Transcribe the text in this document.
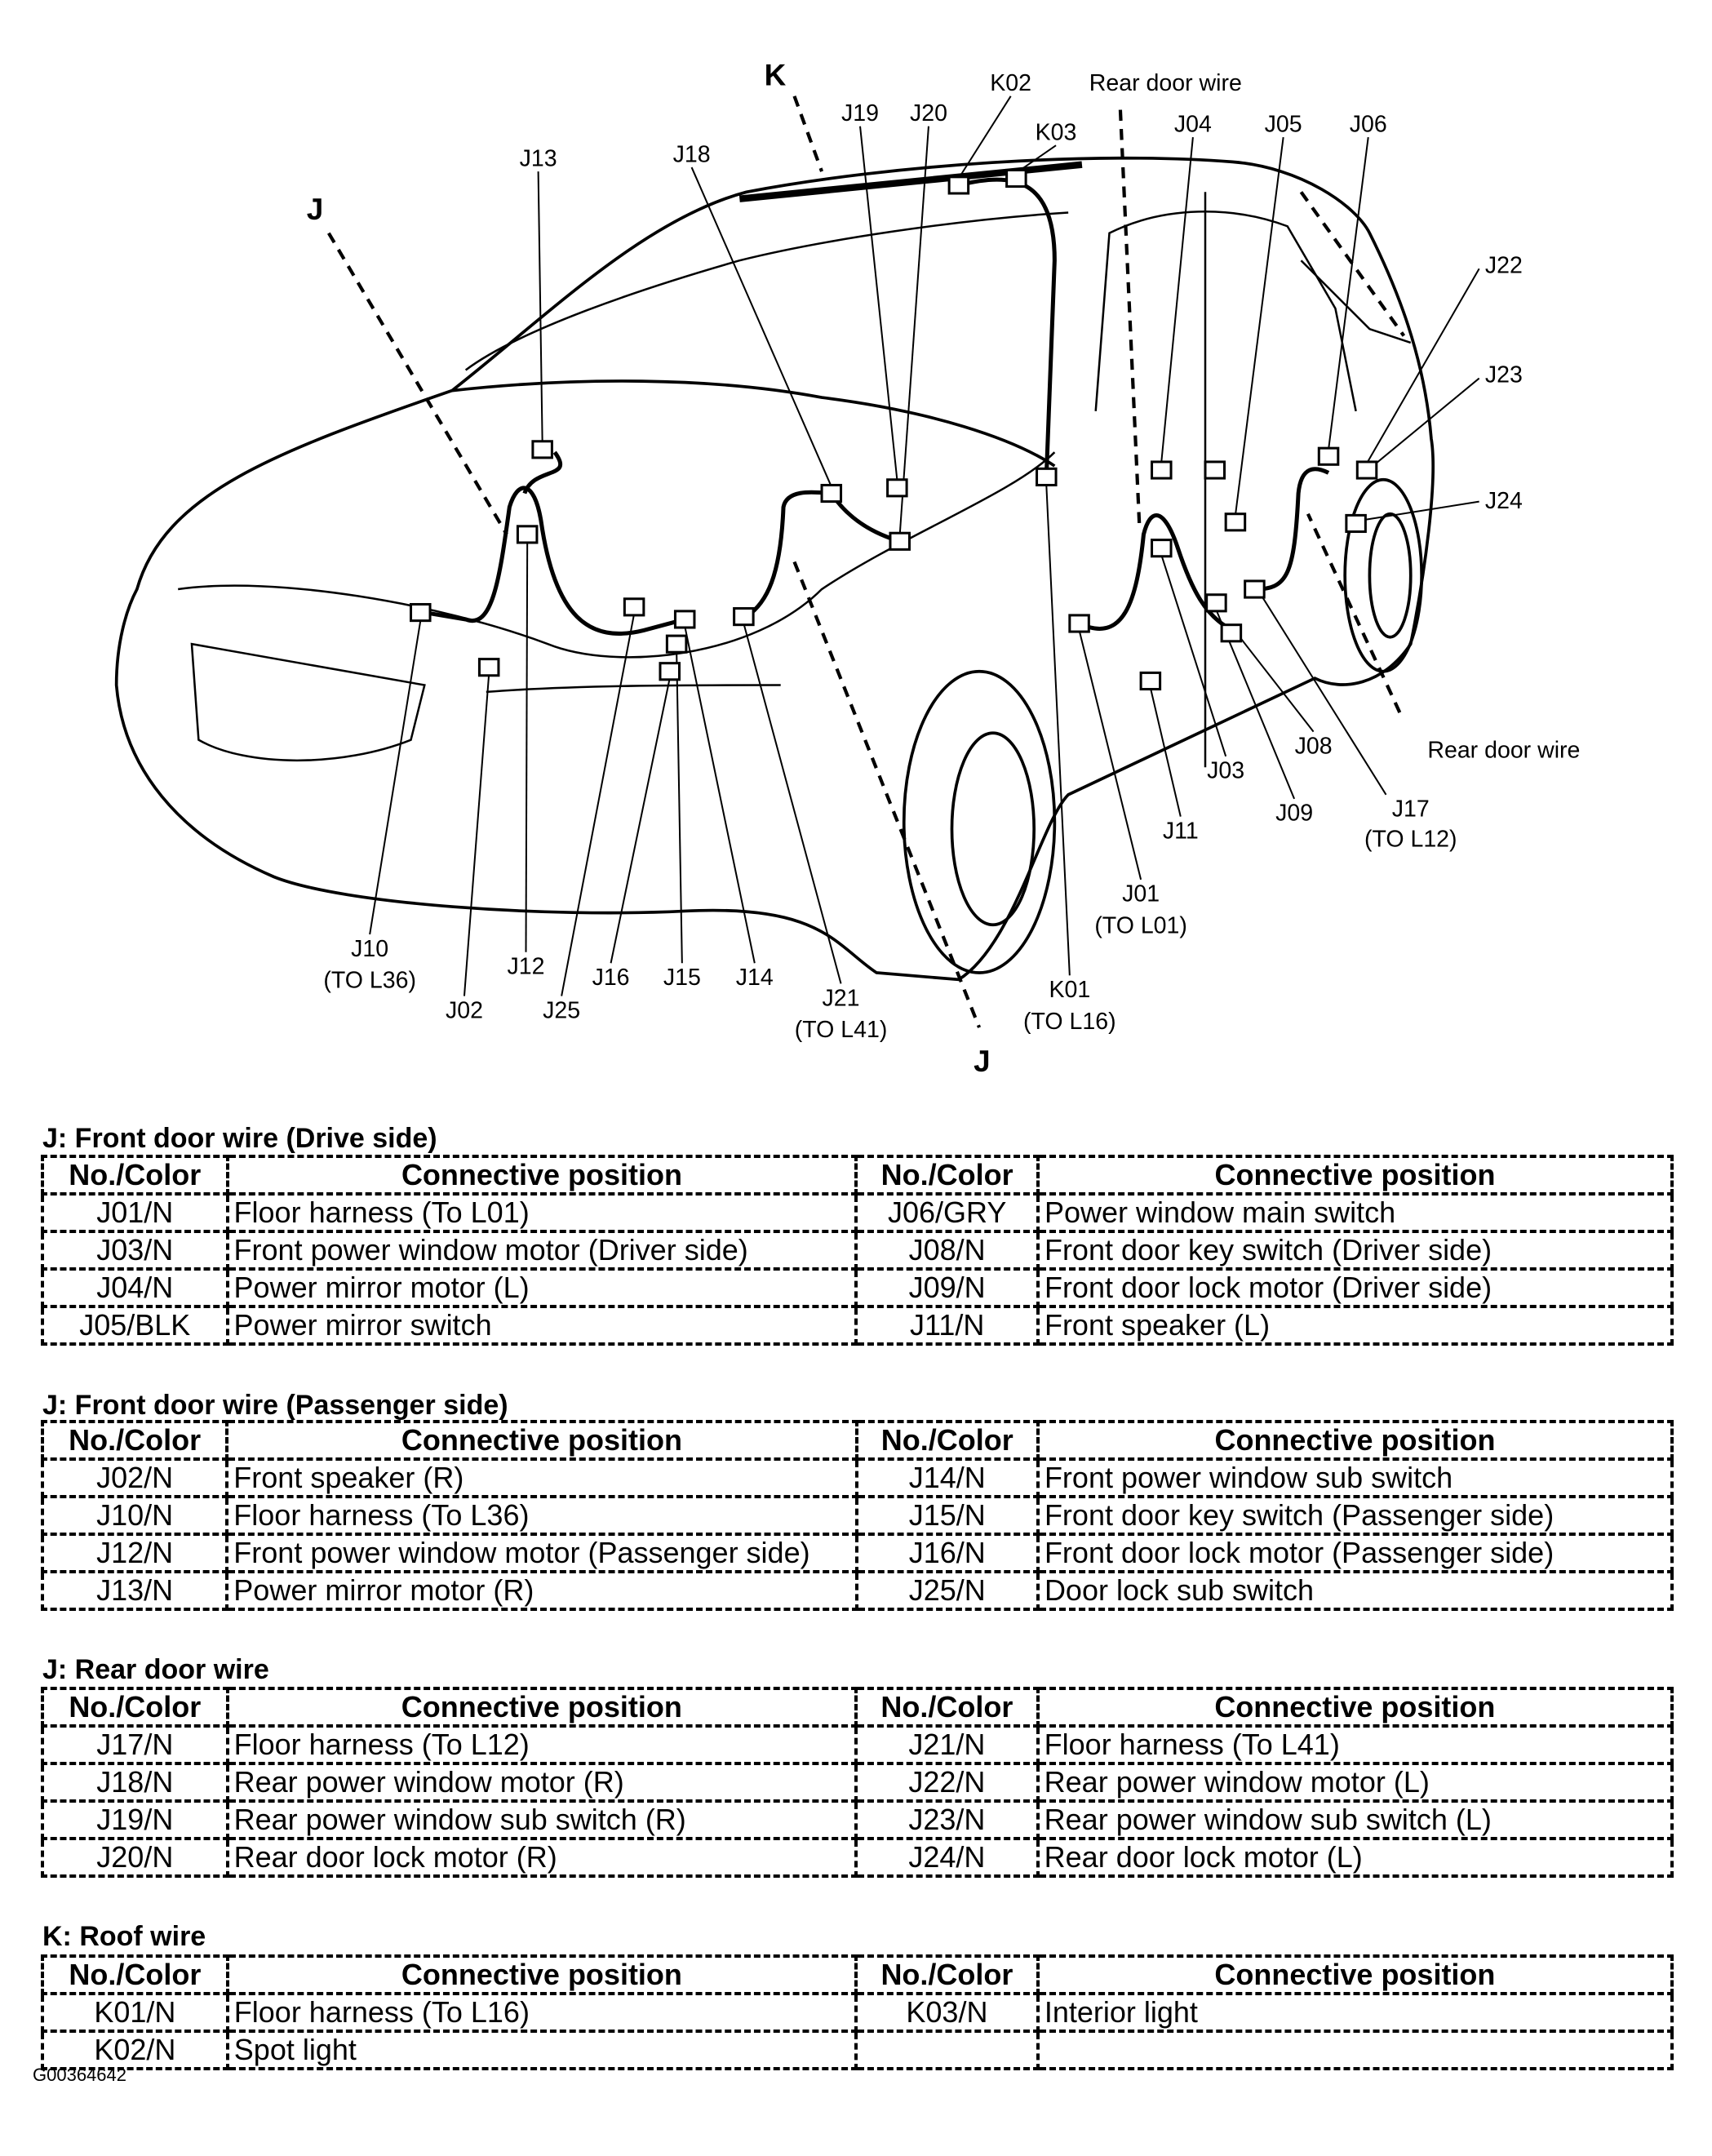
K	K02	Rear door wire
J19 J20
K03	J04	J05	J06
J13	J18
J
J22
J23
J24
Rear door wire
J03
J08
J09	J17
(TO L12)
J11
J01
(TO L01)
K01
(TO L16)
J21
(TO L41)
J
J10
(TO L36)
J02
J12
J25
J16 J15	J14
J: Front door wire (Drive side)
No./Color	Connective position	No./Color	Connective position
J01/N	Floor harness (To L01)	J06/GRY	Power window main switch
J03/N	Front power window motor (Driver side)	J08/N	Front door key switch (Driver side)
J04/N	Power mirror motor (L)	J09/N	Front door lock motor (Driver side)
J05/BLK	Power mirror switch	J11/N	Front speaker (L)
J: Front door wire (Passenger side)
No./Color	Connective position	No./Color	Connective position
J02/N	Front speaker (R)	J14/N	Front power window sub switch
J10/N	Floor harness (To L36)	J15/N	Front door key switch (Passenger side)
J12/N	Front power window motor (Passenger side)	J16/N	Front door lock motor (Passenger side)
J13/N	Power mirror motor (R)	J25/N	Door lock sub switch
J: Rear door wire
No./Color	Connective position	No./Color	Connective position
J17/N	Floor harness (To L12)	J21/N	Floor harness (To L41)
J18/N	Rear power window motor (R)	J22/N	Rear power window motor (L)
J19/N	Rear power window sub switch (R)	J23/N	Rear power window sub switch (L)
J20/N	Rear door lock motor (R)	J24/N	Rear door lock motor (L)
K: Roof wire
No./Color	Connective position	No./Color	Connective position
K01/N	Floor harness (To L16)	K03/N	Interior light
K02/N	Spot light		
G00364642
